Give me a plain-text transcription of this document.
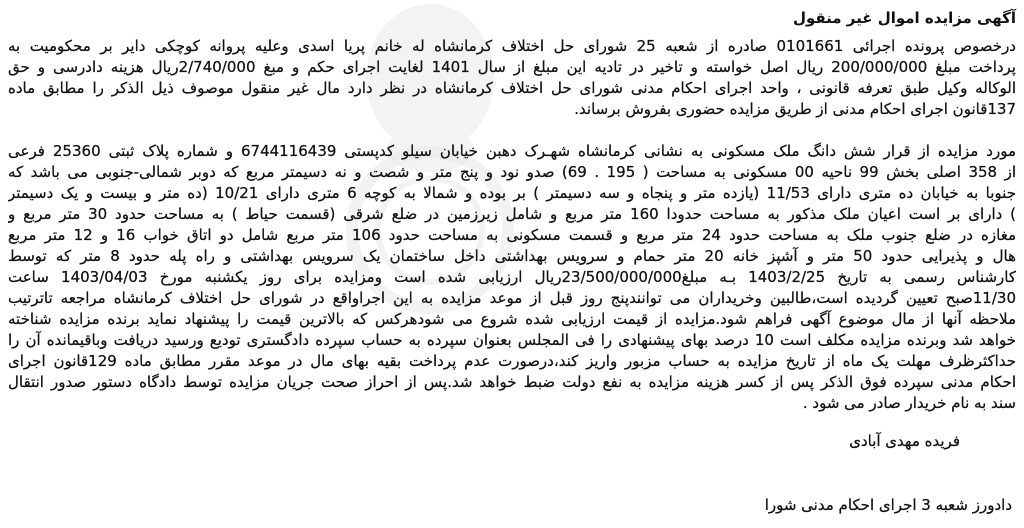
آگهی مزایده اموال غیر منقول
درخصوص پرونده اجرائی 0101661 صادره از شعبه 25 شورای حل اختلاف کرمانشاه له خانم پریا اسدی وعلیه پروانه کوچکی دایر بر محکومیت به
پرداخت مبلغ 200/000/000 ریال اصل خواسته و تاخیر در تادیه این مبلغ از سال 1401 لغایت اجرای حکم و مبغ 2/740/000ریال هزینه دادرسی و حق
الوکاله وکیل طبق تعرفه قانونی ، واحد اجرای احکام مدنی شورای حل اختلاف کرمانشاه در نظر دارد مال غیر منقول موصوف ذیل الذکر را مطابق ماده
137قانون اجرای احکام مدنی از طریق مزایده حضوری بفروش برساند.
مورد مزایده از قرار شش دانگ ملک مسکونی به نشانی کرمانشاه شهـرک دهبن خیابان سیلو کدپستی 6744116439 و شماره پلاک ثبتی 25360 فرعی
از 358 اصلی بخش 99 ناحیه 00 مسکونی به مساحت ( 195 . 69) صدو نود و پنج متر و شصت و نه دسیمتر مربع که دوبر شمالی-جنوبی می باشد که
جنوبا به خیابان ده متری دارای 11/53 (یازده متر و پنجاه و سه دسیمتر ) بر بوده و شمالا به کوچه 6 متری دارای 10/21 (ده متر و بیست و یک دسیمتر
) دارای بر است اعیان ملک مذکور به مساحت حدودا 160 متر مربع و شامل زیرزمین در ضلع شرقی (قسمت حیاط ) به مساحت حدود 30 متر مربع و
مغازه در ضلع جنوب ملک به مساحت حدود 24 متر مربع و قسمت مسکونی به مساحت حدود 106 متر مربع شامل دو اتاق خواب 16 و 12 متر مربع
هال و پذیرایی حدود 50 متر و آشپز خانه 20 متر حمام و سرویس بهداشتی داخل ساختمان یک سرویس بهداشتی و راه پله حدود 8 متر که توسط
کارشناس رسمی به تاریخ 1403/2/25 بـه مبلغ23/500/000/000ریال ارزیابی شده است ومزایده برای روز یکشنبه مورخ 1403/04/03 ساعت
11/30صبح تعیین گردیده است،طالبین وخریداران می توانندپنج روز قبل از موعد مزایده به این اجراواقع در شورای حل اختلاف کرمانشاه مراجعه تاترتیب
ملاحظه آنها از مال موضوع آگهی فراهم شود.مزایده از قیمت ارزیابی شده شروع می شودهرکس که بالاترین قیمت را پیشنهاد نماید برنده مزایده شناخته
خواهد شد وبرنده مزایده مکلف است 10 درصد بهای پیشنهادی را فی المجلس بعنوان سپرده به حساب سپرده دادگستری تودیع ورسید دریافت وباقیمانده آن را
حداکثرظرف مهلت یک ماه از تاریخ مزایده به حساب مزبور واریز کند،درصورت عدم پرداخت بقیه بهای مال در موعد مقرر مطابق ماده 129قانون اجرای
احکام مدنی سپرده فوق الذکر پس از کسر هزینه مزایده به نفع دولت ضبط خواهد شد.پس از احراز صحت جریان مزایده توسط دادگاه دستور صدور انتقال
سند به نام خریدار صادر می شود .
فریده مهدی آبادی
دادورز شعبه 3 اجرای احکام مدنی شورا
